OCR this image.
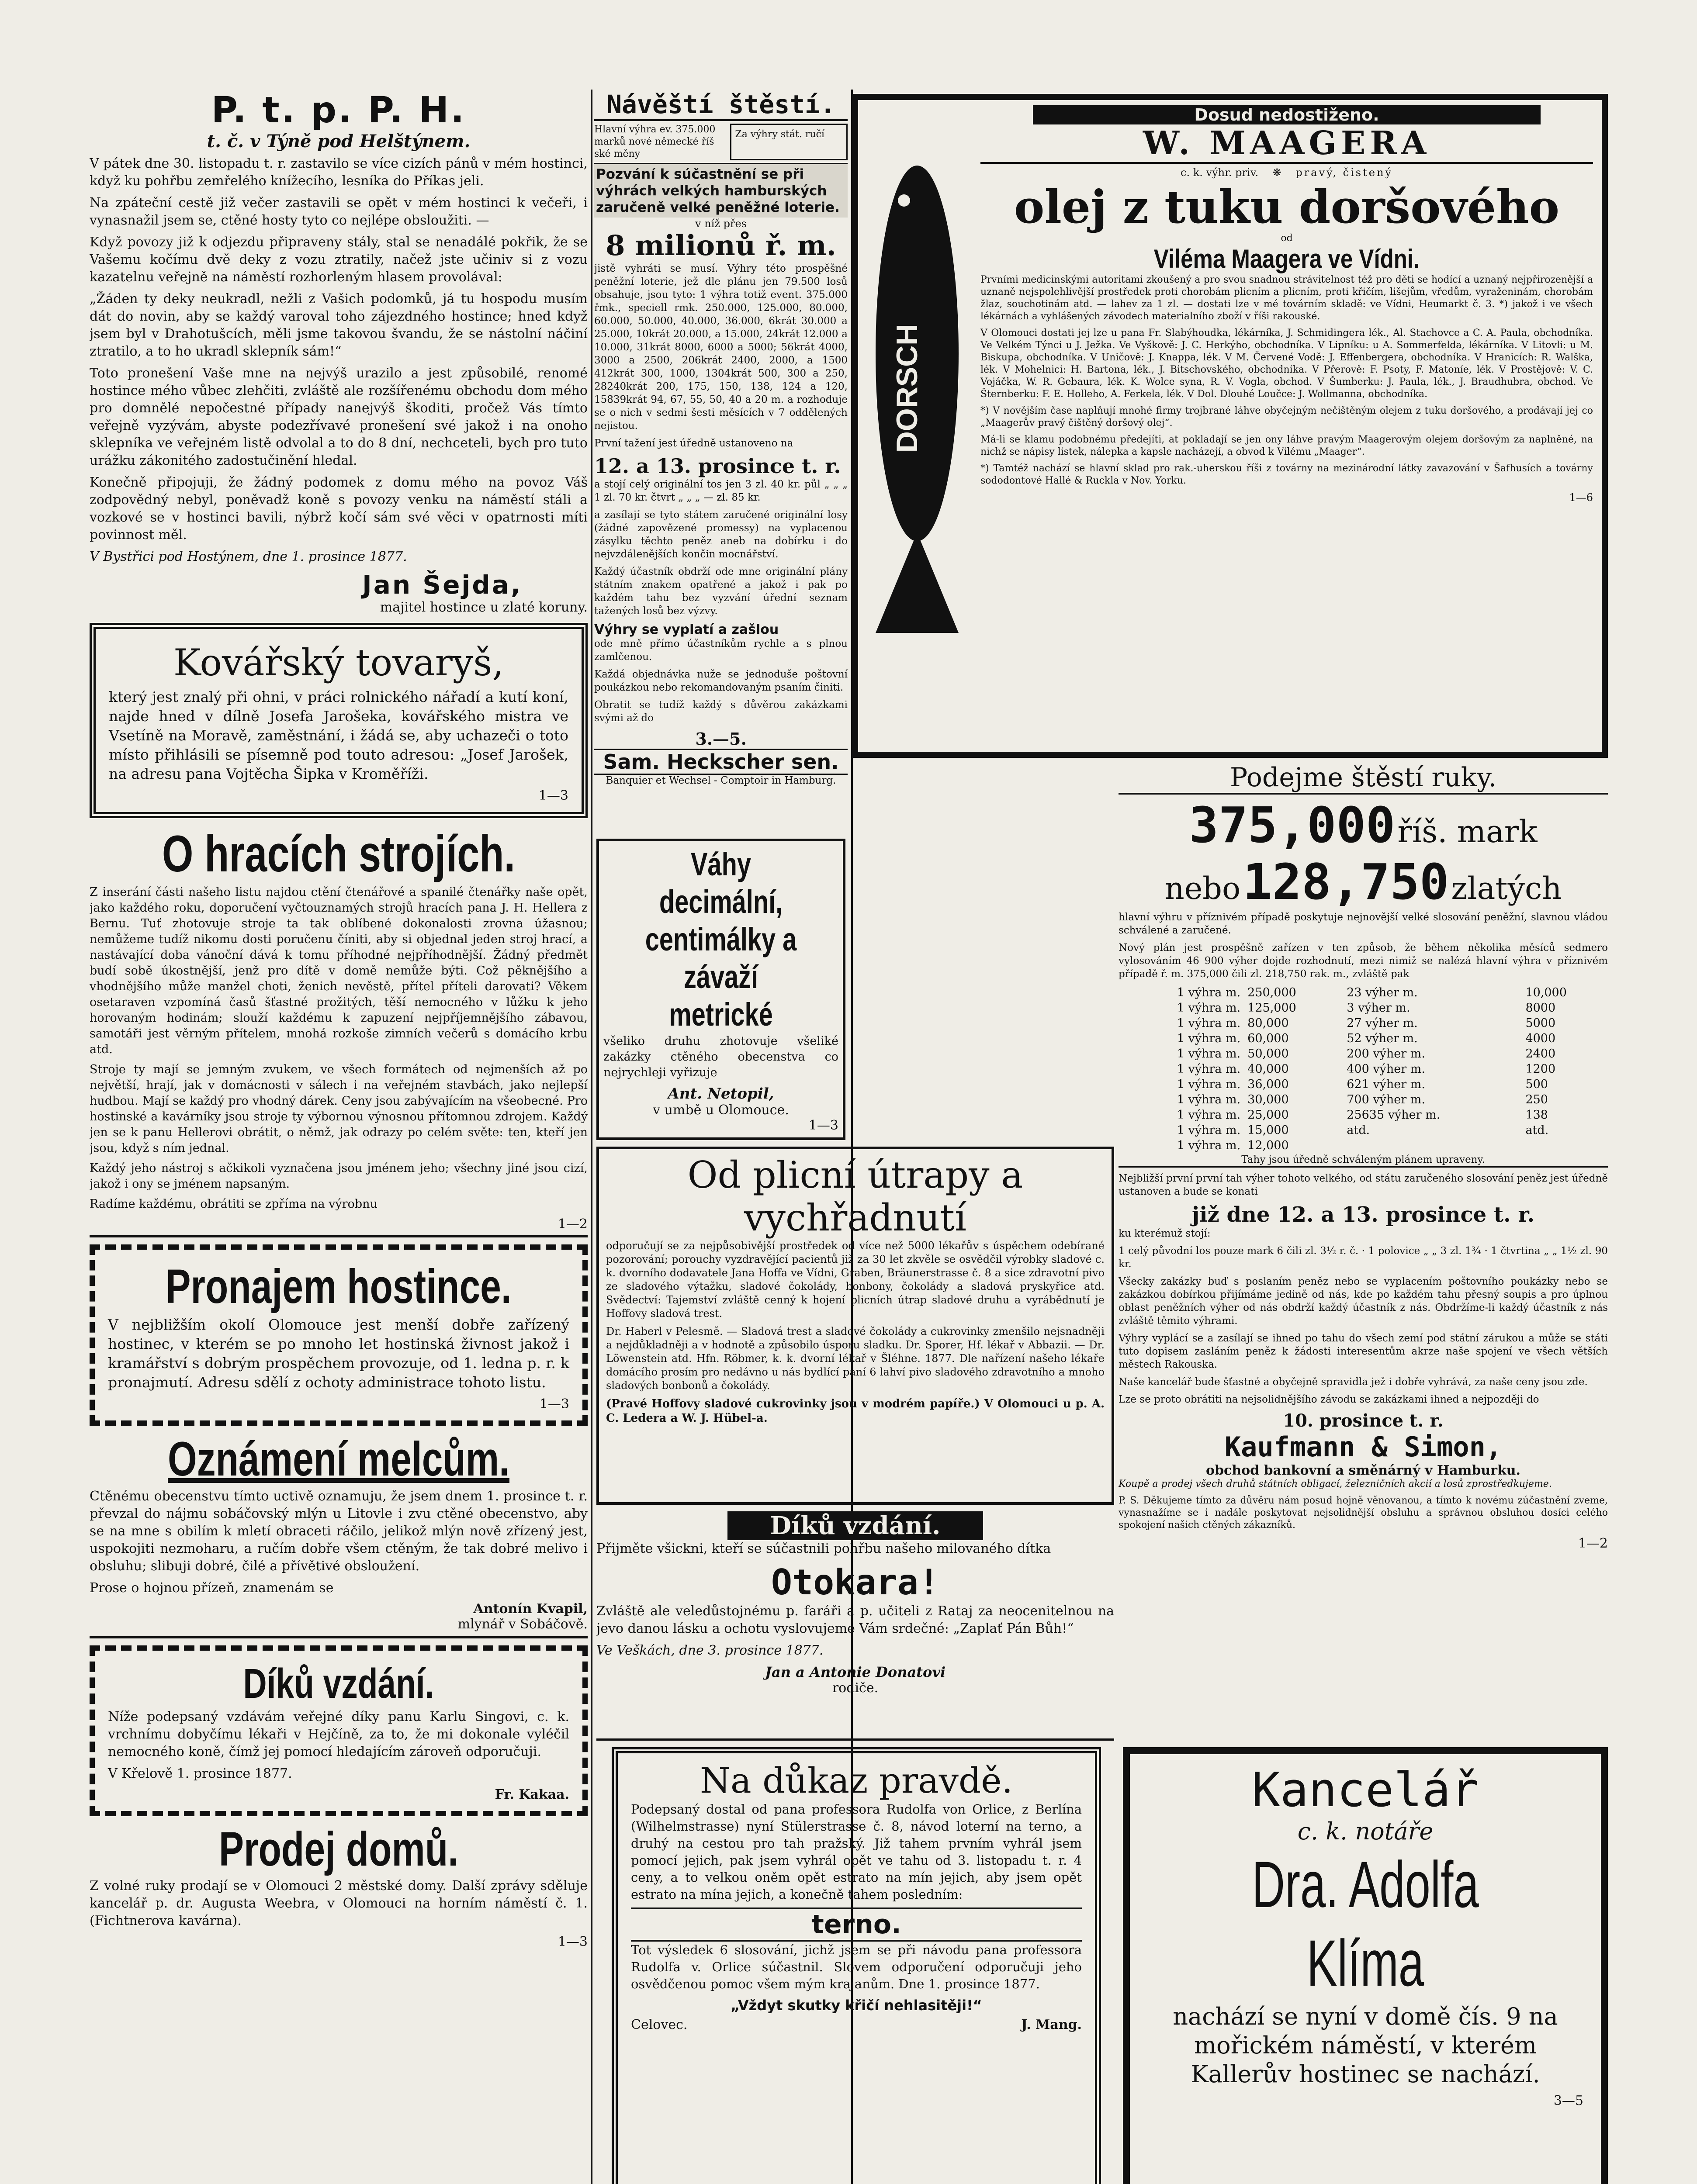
P. t. p. P. H.
t. č. v Týně pod Helštýnem.

V pátek dne 30. listopadu t. r. zastavilo se více cizích pánů v mém hostinci, když ku pohřbu zemřelého knížecího, lesníka do Příkas jeli.

Na zpáteční cestě již večer zastavili se opět v mém hostinci k večeři, i vynasnažil jsem se, ctěné hosty tyto co nejlépe obsloužiti. —

Když povozy již k odjezdu připraveny stály, stal se nenadálé pokřik, že se Vašemu kočímu dvě deky z vozu ztratily, načež jste učiniv si z vozu kazatelnu veřejně na náměstí rozhorleným hlasem provolával:

„Žáden ty deky neukradl, nežli z Vašich podomků, já tu hospodu musím dát do novin, aby se každý varoval toho zájezdného hostince; hned když jsem byl v Drahotušcích, měli jsme takovou švandu, že se nástolní náčiní ztratilo, a to ho ukradl sklepník sám!“

Toto pronešení Vaše mne na nejvýš urazilo a jest způsobilé, renomé hostince mého vůbec zlehčiti, zvláště ale rozšířenému obchodu dom mého pro domnělé nepočestné případy nanejvýš škoditi, pročež Vás tímto veřejně vyzývám, abyste podezřívavé pronešení své jakož i na onoho sklepníka ve veřejném listě odvolal a to do 8 dní, nechceteli, bych pro tuto urážku zákonitého zadostučinění hledal.

Konečně připojuji, že žádný podomek z domu mého na povoz Váš zodpovědný nebyl, poněvadž koně s povozy venku na náměstí stáli a vozkové se v hostinci bavili, nýbrž kočí sám své věci v opatrnosti míti povinnost měl.

V Bystřici pod Hostýnem, dne 1. prosince 1877.

Jan Šejda,
majitel hostince u zlaté koruny.
Kovářský tovaryš,

který jest znalý při ohni, v práci rolnického nářadí a kutí koní, najde hned v dílně Josefa Jarošeka, kovářského mistra ve Vsetíně na Moravě, zaměstnání, i žádá se, aby uchazeči o toto místo přihlásili se písemně pod touto adresou: „Josef Jarošek, na adresu pana Vojtěcha Šipka v Kroměříži.

1—3
O hracích strojích.

Z inserání části našeho listu najdou ctění čtenářové a spanilé čtenářky naše opět, jako každého roku, doporučení vyčtouznamých strojů hracích pana J. H. Hellera z Bernu. Tuť zhotovuje stroje ta tak oblíbené dokonalosti zrovna úžasnou; nemůžeme tudíž nikomu dosti poručenu číniti, aby si objednal jeden stroj hrací, a nastávající doba vánoční dává k tomu příhodné nejpříhodnější. Žádný předmět budí sobě úkostnější, jenž pro dítě v domě nemůže býti. Což pěknějšího a vhodnějšího může manžel choti, ženich nevěstě, přítel příteli darovati? Věkem osetaraven vzpomíná časů šťastné prožitých, těší nemocného v lůžku k jeho horovaným hodinám; slouží každému k zapuzení nejpříjemnějšího zábavou, samotáři jest věrným přítelem, mnohá rozkoše zimních večerů s domácího krbu atd.

Stroje ty mají se jemným zvukem, ve všech formátech od nejmenších až po největší, hrají, jak v domácnosti v sálech i na veřejném stavbách, jako nejlepší hudbou. Mají se každý pro vhodný dárek. Ceny jsou zabývajícím na všeobecné. Pro hostinské a kavárníky jsou stroje ty výbornou výnosnou přítomnou zdrojem. Každý jen se k panu Hellerovi obrátit, o němž, jak odrazy po celém světe: ten, kteří jen jsou, když s ním jednal.

Každý jeho nástroj s ačkikoli vyznačena jsou jménem jeho; všechny jiné jsou cizí, jakož i ony se jménem napsaným.

Radíme každému, obrátiti se zpříma na výrobnu

1—2
Pronajem hostince.

V nejbližším okolí Olomouce jest menší dobře zařízený hostinec, v kterém se po mnoho let hostinská živnost jakož i kramářství s dobrým prospěchem provozuje, od 1. ledna p. r. k pronajmutí. Adresu sdělí z ochoty administrace tohoto listu.

1—3
Oznámení melcům.

Ctěnému obecenstvu tímto uctivě oznamuju, že jsem dnem 1. prosince t. r. převzal do nájmu sobáčovský mlýn u Litovle i zvu ctěné obecenstvo, aby se na mne s obilím k mletí obraceti ráčilo, jelikož mlýn nově zřízený jest, uspokojiti nezmoharu, a ručím dobře všem ctěným, že tak dobré melivo i obsluhu; slibuji dobré, čilé a přívětivé obsloužení.

Prose o hojnou přízeň, znamenám se

Antonín Kvapil,
mlynář v Sobáčově.
Díků vzdání.

Níže podepsaný vzdávám veřejné díky panu Karlu Singovi, c. k. vrchnímu dobyčímu lékaři v Hejčíně, za to, že mi dokonale vyléčil nemocného koně, čímž jej pomocí hledajícím zároveň odporučuji.

V Křelově 1. prosince 1877.

Fr. Kakaa.
Prodej domů.

Z volné ruky prodají se v Olomouci 2 městské domy. Další zprávy sděluje kancelář p. dr. Augusta Weebra, v Olomouci na horním náměstí č. 1. (Fichtnerova kavárna).

1—3
Návěští štěstí.
Hlavní výhra ev. 375.000 marků nové německé říš ské měny
Za výhry stát. ručí
Pozvání k súčastnění se při výhrách velkých hamburských zaručeně velké peněžné loterie.
v níž přes
8 milionů ř. m.

jistě vyhráti se musí. Výhry této prospěšné peněžní loterie, jež dle plánu jen 79.500 losů obsahuje, jsou tyto: 1 výhra totiž event. 375.000 řmk., speciell rmk. 250.000, 125.000, 80.000, 60.000, 50.000, 40.000, 36.000, 6krát 30.000 a 25.000, 10krát 20.000, a 15.000, 24krát 12.000 a 10.000, 31krát 8000, 6000 a 5000; 56krát 4000, 3000 a 2500, 206krát 2400, 2000, a 1500 412krát 300, 1000, 1304krát 500, 300 a 250, 28240krát 200, 175, 150, 138, 124 a 120, 15839krát 94, 67, 55, 50, 40 a 20 m. a rozhoduje se o nich v sedmi šesti měsících v 7 oddělených nejistou.

První tažení jest úředně ustanoveno na

12. a 13. prosince t. r.

a stojí celý originální tos jen 3 zl. 40 kr. půl „ „ „ 1 zl. 70 kr. čtvrt „ „ „ — zl. 85 kr.

a zasílají se tyto státem zaručené originální losy (žádné zapovězené promessy) na vyplacenou zásylku těchto peněz aneb na dobírku i do nejvzdálenějších končin mocnářství.

Každý účastník obdrží ode mne originální plány státním znakem opatřené a jakož i pak po každém tahu bez vyzvání úřední seznam tažených losů bez výzvy.

Výhry se vyplatí a zašlou

ode mně přímo účastníkům rychle a s plnou zamlčenou.

Každá objednávka nuže se jednoduše poštovní poukázkou nebo rekomandovaným psaním činiti.

Obratit se tudíž každý s důvěrou zakázkami svými až do

3.—5.
Sam. Heckscher sen.
Banquier et Wechsel - Comptoir in Hamburg.
DORSCH
Dosud nedostiženo.
W. MAAGERA
c. k. výhr. priv. ❋ pravý, čistený
olej z tuku doršového
od
Viléma Maagera ve Vídni.

Prvními medicinskými autoritami zkoušený a pro svou snadnou strávitelnost též pro děti se hodící a uznaný nejpřirozenější a uznaně nejspolehlivější prostředek proti chorobám plicním a plicním, proti křičím, lišejům, vředům, vyraženinám, chorobám žlaz, souchotinám atd. — lahev za 1 zl. — dostati lze v mé továrním skladě: ve Vídni, Heumarkt č. 3. *) jakož i ve všech lékárnách a vyhlášených závodech materialního zboží v říši rakouské.

V Olomouci dostati jej lze u pana Fr. Slabýhoudka, lékárníka, J. Schmidingera lék., Al. Stachovce a C. A. Paula, obchodníka. Ve Velkém Týnci u J. Ježka. Ve Vyškově: J. C. Herkýho, obchodníka. V Lipníku: u A. Sommerfelda, lékárníka. V Litovli: u M. Biskupa, obchodníka. V Uničově: J. Knappa, lék. V M. Červené Vodě: J. Effenbergera, obchodníka. V Hranicích: R. Walška, lék. V Mohelnici: H. Bartona, lék., J. Bitschovského, obchodníka. V Přerově: F. Psoty, F. Matoníe, lék. V Prostějově: V. C. Vojáčka, W. R. Gebaura, lék. K. Wolce syna, R. V. Vogla, obchod. V Šumberku: J. Paula, lék., J. Braudhubra, obchod. Ve Šternberku: F. E. Holleho, A. Ferkela, lék. V Dol. Dlouhé Loučce: J. Wollmanna, obchodníka.

*) V novějším čase naplňují mnohé firmy trojbrané láhve obyčejným nečištěným olejem z tuku doršového, a prodávají jej co „Maagerův pravý čištěný doršový olej“.

Má-li se klamu podobnému předejíti, at pokladají se jen ony láhve pravým Maagerovým olejem doršovým za naplněné, na nichž se nápisy listek, nálepka a kapsle nacházejí, a obvod k Vilému „Maager“.

*) Tamtéž nachází se hlavní sklad pro rak.-uherskou říši z továrny na mezinárodní látky zavazování v Šafhusích a továrny sododontové Hallé & Ruckla v Nov. Yorku.

1—6
Váhy decimální, centimálky a závaží metrické

všeliko druhu zhotovuje všeliké zakázky ctěného obecenstva co nejrychleji vyřizuje

Ant. Netopil,
v umbě u Olomouce.
1—3
Podejme štěstí ruky.
375,000 říš. mark
nebo 128,750 zlatých

hlavní výhru v příznivém případě poskytuje nejnovější velké slosování peněžní, slavnou vládou schválené a zaručené.

Nový plán jest prospěšně zařízen v ten způsob, že během několika měsíců sedmero vylosováním 46 900 výher dojde rozhodnutí, mezi nimiž se nalézá hlavní výhra v příznivém případě ř. m. 375,000 čili zl. 218,750 rak. m., zvláště pak

1 výhra m.	250,000	23 výher m.	10,000
1 výhra m.	125,000	3 výher m.	8000
1 výhra m.	80,000	27 výher m.	5000
1 výhra m.	60,000	52 výher m.	4000
1 výhra m.	50,000	200 výher m.	2400
1 výhra m.	40,000	400 výher m.	1200
1 výhra m.	36,000	621 výher m.	500
1 výhra m.	30,000	700 výher m.	250
1 výhra m.	25,000	25635 výher m.	138
1 výhra m.	15,000	atd.	atd.
1 výhra m.	12,000		

Tahy jsou úředně schváleným plánem upraveny.

Nejbližší první první tah výher tohoto velkého, od státu zaručeného slosování peněz jest úředně ustanoven a bude se konati

již dne 12. a 13. prosince t. r.

ku kterémuž stojí:

1 celý původní los pouze mark 6 čili zl. 3½ r. č. · 1 polovice „ „ 3 zl. 1¾ · 1 čtvrtina „ „ 1½ zl. 90 kr.

Všecky zakázky buď s poslaním peněz nebo se vyplacením poštovního poukázky nebo se zakázkou dobírkou přijímáme jedině od nás, kde po každém tahu přesný soupis a pro úplnou oblast peněžních výher od nás obdrží každý účastník z nás. Obdržíme-li každý účastník z nás zvláště těmito výhrami.

Výhry vyplácí se a zasílají se ihned po tahu do všech zemí pod státní zárukou a může se státi tuto dopisem zasláním peněz k žádosti interesentům akrze naše spojení ve všech větších městech Rakouska.

Naše kancelář bude šťastné a obyčejně spravidla jež i dobře vyhrává, za naše ceny jsou zde.

Lze se proto obrátiti na nejsolidnějšího závodu se zakázkami ihned a nejpozději do

10. prosince t. r.
Kaufmann & Simon,
obchod bankovní a směnárný v Hamburku.

Koupě a prodej všech druhů státních obligací, železničních akcií a losů zprostředkujeme.

P. S. Děkujeme tímto za důvěru nám posud hojně věnovanou, a tímto k novému zúčastnění zveme, vynasnažíme se i nadále poskytovat nejsolidnější obsluhu a správnou obsluhou dosíci celého spokojení našich ctěných zákazníků.

1—2
Od plicní útrapy a vychřadnutí

odporučují se za nejpůsobivější prostředek od více než 5000 lékařův s úspěchem odebírané pozorování; porouchy vyzdravějící pacientů již za 30 let zkvěle se osvědčil výrobky sladové c. k. dvorního dodavatele Jana Hoffa ve Vídni, Graben, Bräunerstrasse č. 8 a sice zdravotní pivo ze sladového výtažku, sladové čokolády, bonbony, čokolády a sladová pryskyřice atd. Svědectví: Tajemství zvláště cenný k hojení plicních útrap sladové druhu a vyrábědnutí je Hoffovy sladová trest.

Dr. Haberl v Pelesmě. — Sladová trest a sladové čokolády a cukrovinky zmenšilo nejsnadněji a nejdůkladněji a v hodnotě a způsobilo úsporu sladku. Dr. Sporer, Hf. lékař v Abbazii. — Dr. Löwenstein atd. Hfn. Röbmer, k. k. dvorní lékař v Šléhne. 1877. Dle nařízení našeho lékaře domácího prosím pro nedávno u nás bydlící paní 6 lahví pivo sladového zdravotního a mnoho sladových bonbonů a čokolády.

(Pravé Hoffovy sladové cukrovinky jsou v modrém papíře.) V Olomouci u p. A. C. Ledera a W. J. Hübel-a.

Díků vzdání.

Přijměte všickni, kteří se súčastnili pohřbu našeho milovaného dítka

Otokara!

Zvláště ale veledůstojnému p. faráři a p. učiteli z Rataj za neocenitelnou na jevo danou lásku a ochotu vyslovujeme Vám srdečné: „Zaplať Pán Bůh!“

Ve Veškách, dne 3. prosince 1877.

Jan a Antonie Donatovi
rodiče.
Na důkaz pravdě.

Podepsaný dostal od pana professora Rudolfa von Orlice, z Berlína (Wilhelmstrasse) nyní Stülerstrasse č. 8, návod loterní na terno, a druhý na cestou pro tah pražský. Již tahem prvním vyhrál jsem pomocí jejich, pak jsem vyhrál opět ve tahu od 3. listopadu t. r. 4 ceny, a to velkou oněm opět estrato na mín jejich, aby jsem opět estrato na mína jejich, a konečně tahem posledním:

terno.

Tot výsledek 6 slosování, jichž jsem se při návodu pana professora Rudolfa v. Orlice súčastnil. Slovem odporučení odporučuji jeho osvědčenou pomoc všem mým krajanům. Dne 1. prosince 1877.

„Vždyt skutky křičí nehlasitěji!“
Celovec.	J. Mang.
Kancelář
c. k. notáře
Dra. Adolfa Klíma

nachází se nyní v domě čís. 9 na mořickém náměstí, v kterém Kallerův hostinec se nachází.

3—5
